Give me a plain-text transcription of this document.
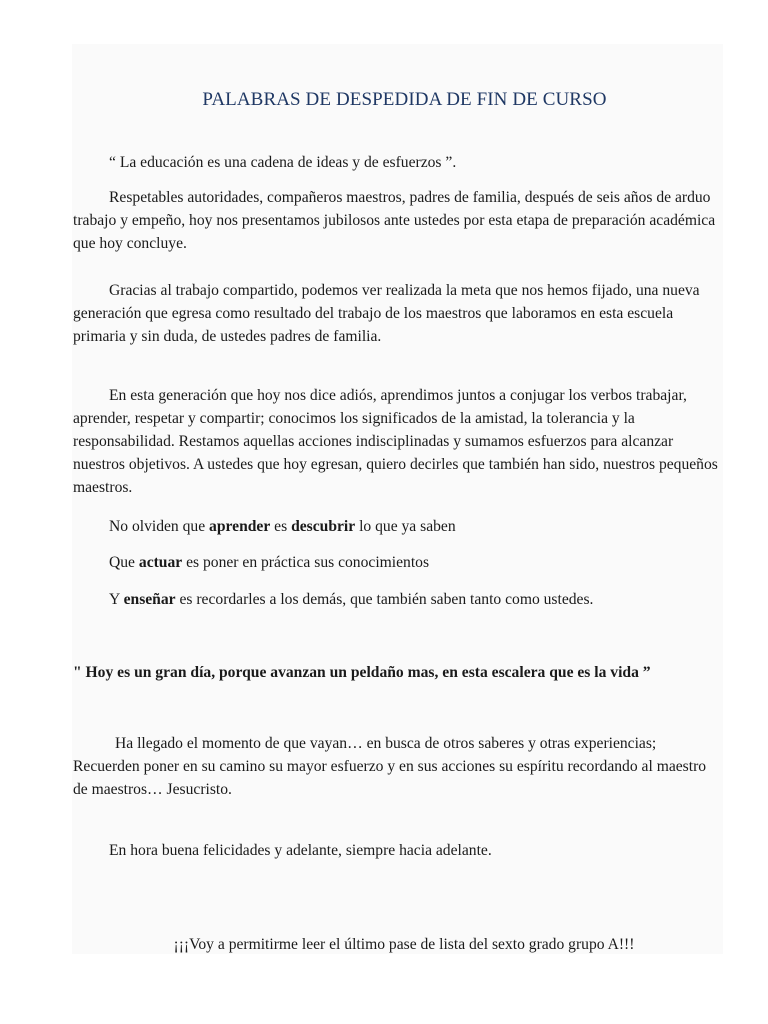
PALABRAS DE DESPEDIDA DE FIN DE CURSO

“ La educación es una cadena de ideas y de esfuerzos ”.

Respetables autoridades, compañeros maestros, padres de familia, después de seis años de arduo trabajo y empeño, hoy nos presentamos jubilosos ante ustedes por esta etapa de preparación académica que hoy concluye.

Gracias al trabajo compartido, podemos ver realizada la meta que nos hemos fijado, una nueva generación que egresa como resultado del trabajo de los maestros que laboramos en esta escuela primaria y sin duda, de ustedes padres de familia.

En esta generación que hoy nos dice adiós, aprendimos juntos a conjugar los verbos trabajar, aprender, respetar y compartir; conocimos los significados de la amistad, la tolerancia y la responsabilidad. Restamos aquellas acciones indisciplinadas y sumamos esfuerzos para alcanzar nuestros objetivos. A ustedes que hoy egresan, quiero decirles que también han sido, nuestros pequeños maestros.

No olviden que aprender es descubrir lo que ya saben

Que actuar es poner en práctica sus conocimientos

Y enseñar es recordarles a los demás, que también saben tanto como ustedes.

" Hoy es un gran día, porque avanzan un peldaño mas, en esta escalera que es la vida ”

Ha llegado el momento de que vayan… en busca de otros saberes y otras experiencias; Recuerden poner en su camino su mayor esfuerzo y en sus acciones su espíritu recordando al maestro de maestros… Jesucristo.

En hora buena felicidades y adelante, siempre hacia adelante.

¡¡¡Voy a permitirme leer el último pase de lista del sexto grado grupo A!!!
